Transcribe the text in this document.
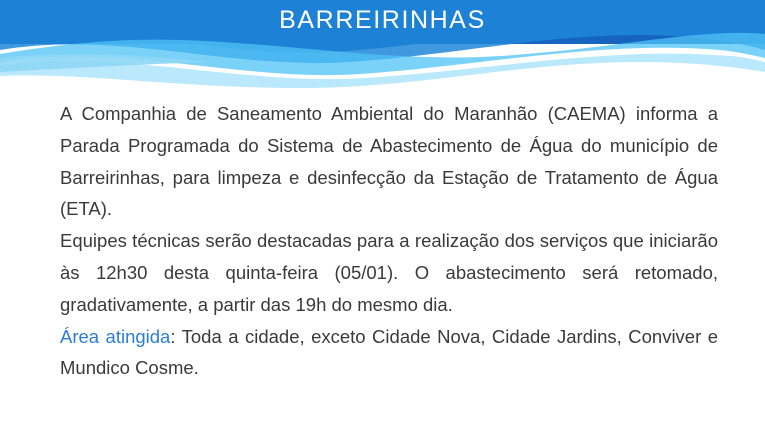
BARREIRINHAS

A Companhia de Saneamento Ambiental do Maranhão (CAEMA) informa a Parada Programada do Sistema de Abastecimento de Água do município de Barreirinhas, para limpeza e desinfecção da Estação de Tratamento de Água (ETA).

Equipes técnicas serão destacadas para a realização dos serviços que iniciarão às 12h30 desta quinta-feira (05/01). O abastecimento será retomado, gradativamente, a partir das 19h do mesmo dia.

Área atingida: Toda a cidade, exceto Cidade Nova, Cidade Jardins, Conviver e Mundico Cosme.
